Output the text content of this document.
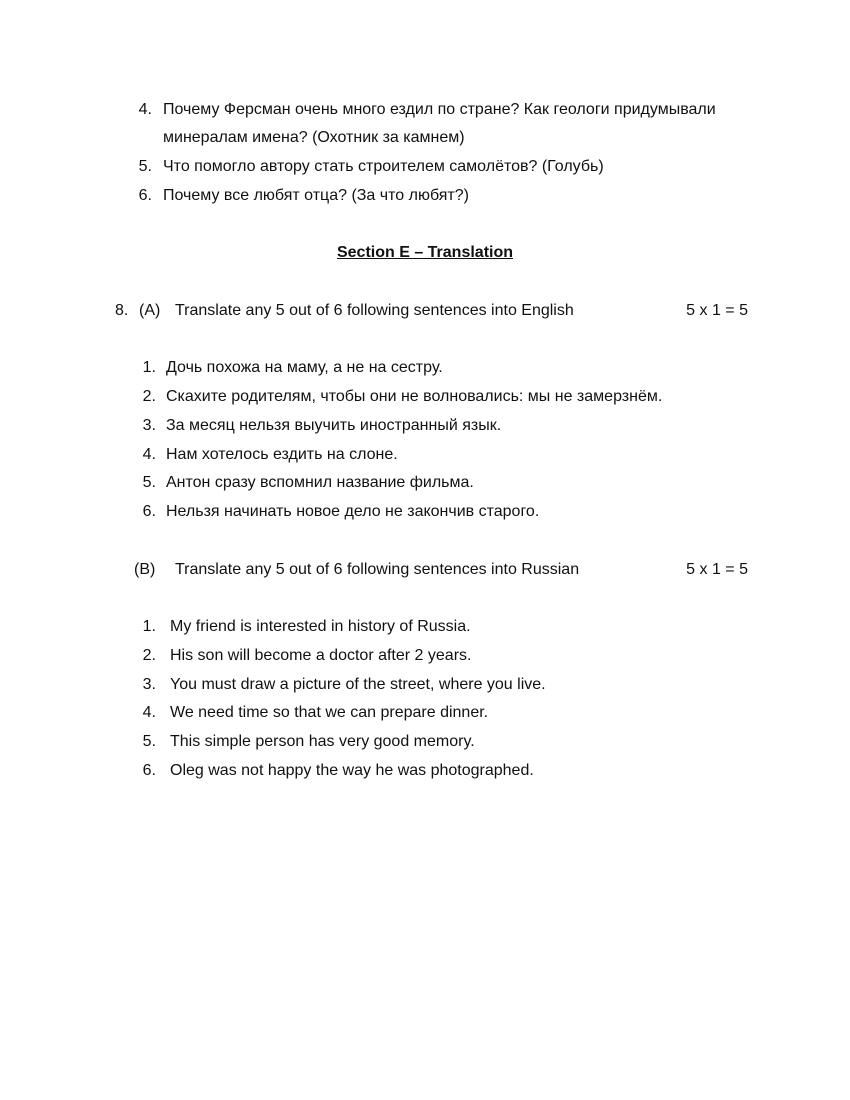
4. Почему Ферсман очень много ездил по стране? Как геологи придумывали
минералам имена? (Охотник за камнем)
5. Что помогло автору стать строителем самолётов? (Голубь)
6. Почему все любят отца? (За что любят?)
Section E – Translation
8. (A) Translate any 5 out of 6 following sentences into English	5 x 1 = 5
1. Дочь похожа на маму, а не на сестру.
2. Скахите родителям, чтобы они не волновались: мы не замерзнём.
3. За месяц нельзя выучить иностранный язык.
4. Нам хотелось ездить на слоне.
5. Антон сразу вспомнил название фильма.
6. Нельзя начинать новое дело не закончив старого.
(B) Translate any 5 out of 6 following sentences into Russian	5 x 1 = 5
1. My friend is interested in history of Russia.
2. His son will become a doctor after 2 years.
3. You must draw a picture of the street, where you live.
4. We need time so that we can prepare dinner.
5. This simple person has very good memory.
6. Oleg was not happy the way he was photographed.
